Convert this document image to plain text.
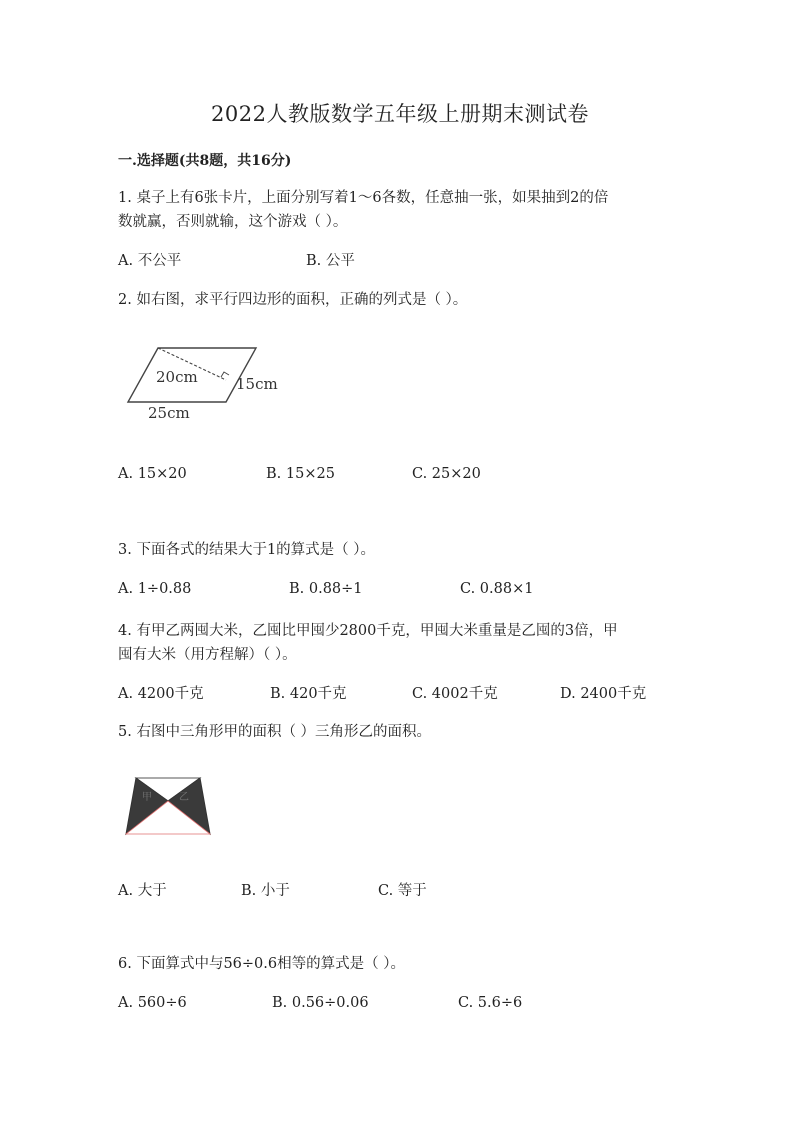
2022人教版数学五年级上册期末测试卷
一.选择题(共8题，共16分)
1. 桌子上有6张卡片，上面分别写着1～6各数，任意抽一张，如果抽到2的倍
数就赢，否则就输，这个游戏（ ）。
A. 不公平	B. 公平
2. 如右图，求平行四边形的面积，正确的列式是（ ）。
20cm	15cm
25cm
A. 15×20	B. 15×25	C. 25×20
3. 下面各式的结果大于1的算式是（ ）。
A. 1÷0.88	B. 0.88÷1	C. 0.88×1
4. 有甲乙两囤大米，乙囤比甲囤少2800千克，甲囤大米重量是乙囤的3倍，甲
囤有大米（用方程解）（ ）。
A. 4200千克	B. 420千克	C. 4002千克	D. 2400千克
5. 右图中三角形甲的面积（ ）三角形乙的面积。
甲	乙
A. 大于	B. 小于	C. 等于
6. 下面算式中与56÷0.6相等的算式是（ ）。
A. 560÷6	B. 0.56÷0.06	C. 5.6÷6
